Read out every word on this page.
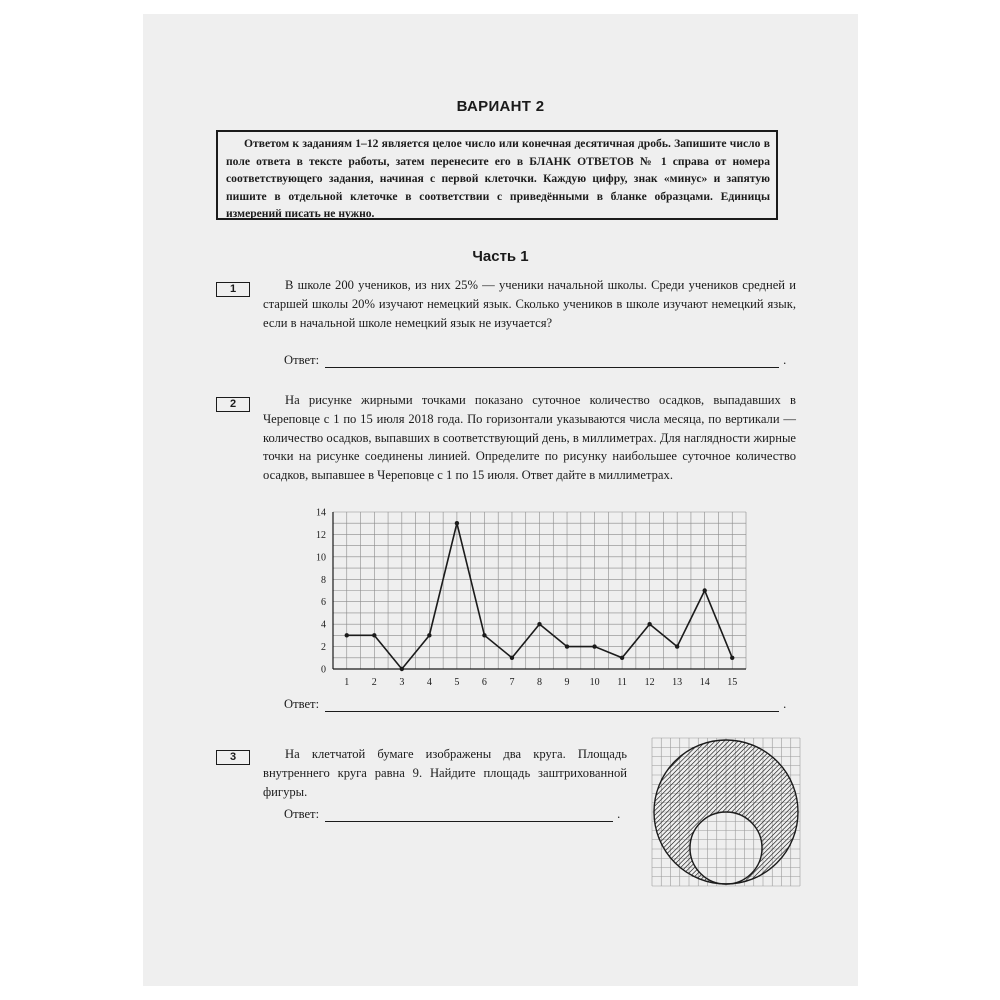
ВАРИАНТ 2
Ответом к заданиям 1–12 является целое число или конечная десятичная дробь. Запишите число в поле ответа в тексте работы, затем перенесите его в БЛАНК ОТВЕТОВ № 1 справа от номера соответствующего задания, начиная с первой клеточки. Каждую цифру, знак «минус» и запятую пишите в отдельной клеточке в соответствии с приведёнными в бланке образцами. Единицы измерений писать не нужно.
Часть 1
1	В школе 200 учеников, из них 25% — ученики начальной школы. Среди учеников средней и старшей школы 20% изучают немецкий язык. Сколько учеников в школе изучают немецкий язык, если в начальной школе немецкий язык не изучается?
Ответ:	.
2	На рисунке жирными точками показано суточное количество осадков, выпадавших в Череповце с 1 по 15 июля 2018 года. По горизонтали указываются числа месяца, по вертикали — количество осадков, выпавших в соответствующий день, в миллиметрах. Для наглядности жирные точки на рисунке соединены линией. Определите по рисунку наибольшее суточное количество осадков, выпавшее в Череповце с 1 по 15 июля. Ответ дайте в миллиметрах.
1 2 3 4 5 6 7 8 9 10 11 12 13 14 15
0
2
4
6
8
10
12
14
Ответ:	.
3	На клетчатой бумаге изображены два круга. Площадь внутреннего круга равна 9. Найдите площадь заштрихованной фигуры.
Ответ:	.
